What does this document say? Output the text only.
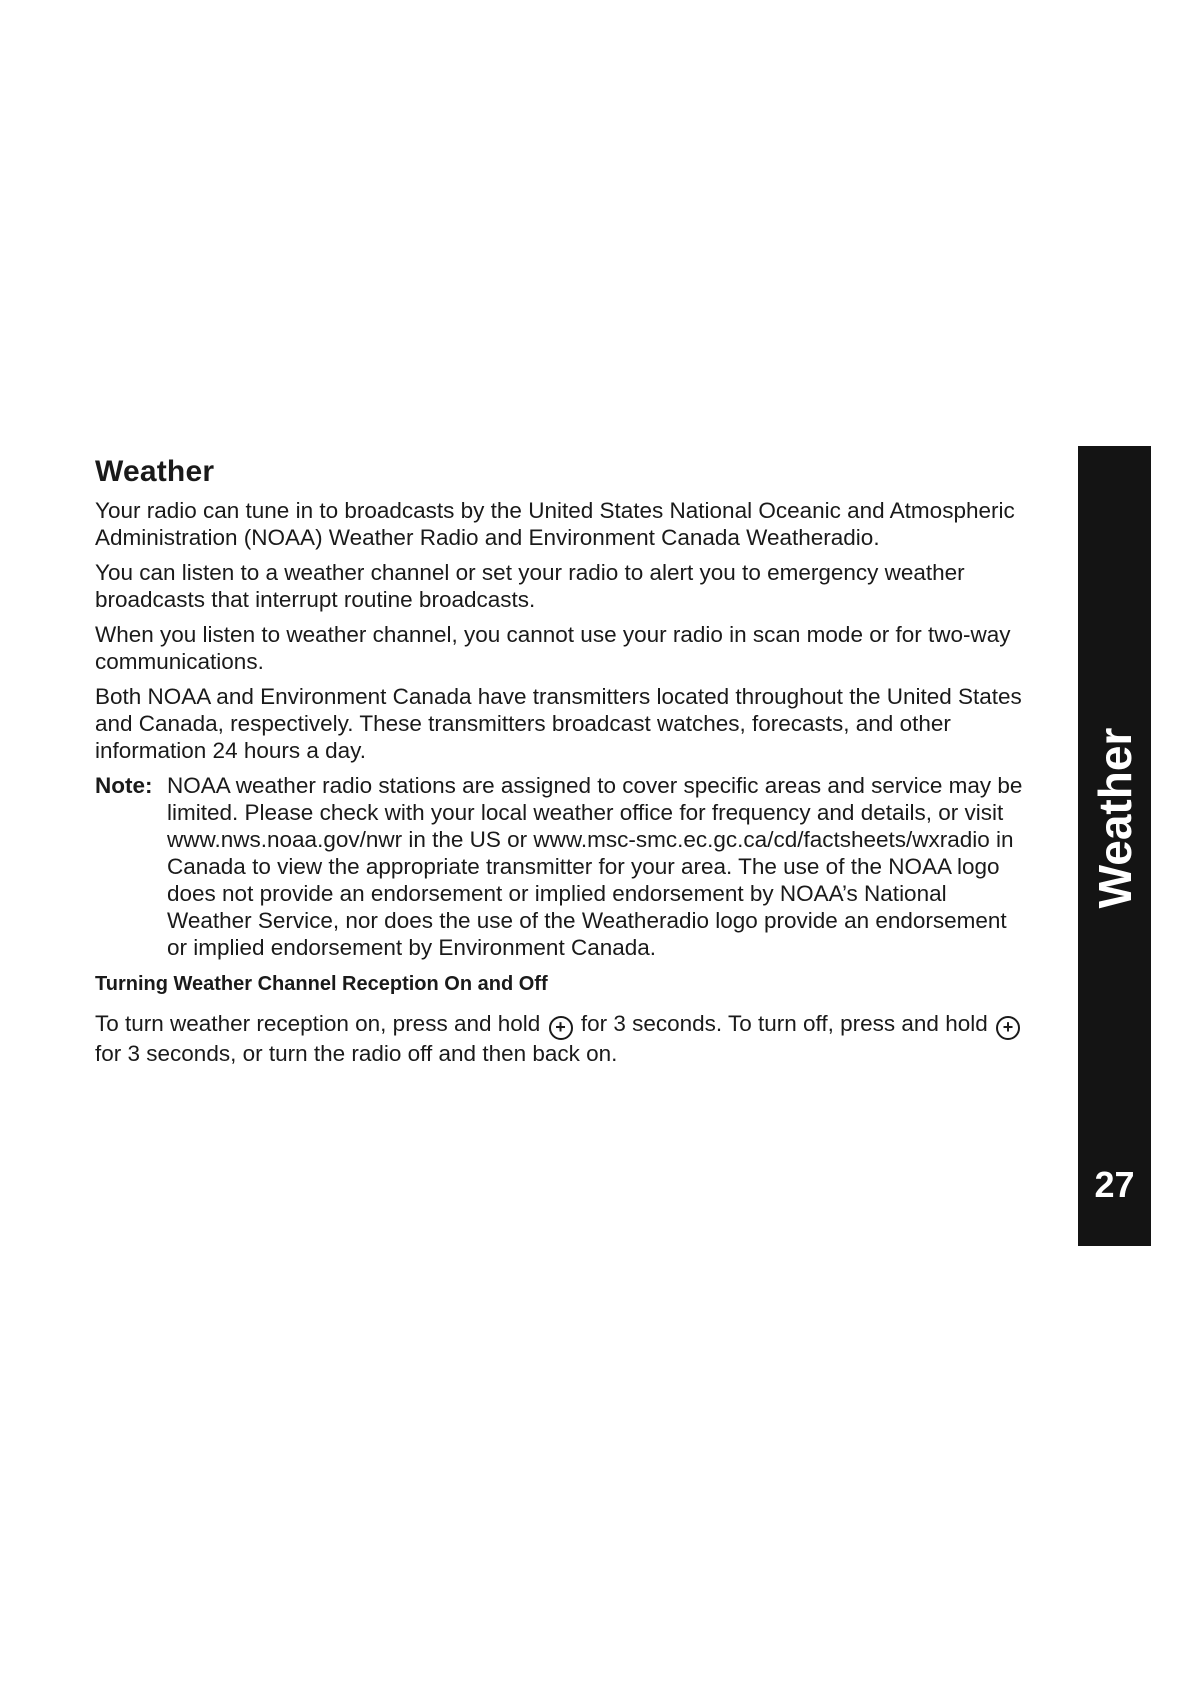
Weather

Your radio can tune in to broadcasts by the United States National Oceanic and Atmospheric Administration (NOAA) Weather Radio and Environment Canada Weatheradio.

You can listen to a weather channel or set your radio to alert you to emergency weather broadcasts that interrupt routine broadcasts.

When you listen to weather channel, you cannot use your radio in scan mode or for two-way communications.

Both NOAA and Environment Canada have transmitters located throughout the United States and Canada, respectively. These transmitters broadcast watches, forecasts, and other information 24 hours a day.

Note: NOAA weather radio stations are assigned to cover specific areas and service may be limited. Please check with your local weather office for frequency and details, or visit www.nws.noaa.gov/nwr in the US or www.msc-smc.ec.gc.ca/cd/factsheets/wxradio in Canada to view the appropriate transmitter for your area. The use of the NOAA logo does not provide an endorsement or implied endorsement by NOAA’s National Weather Service, nor does the use of the Weatheradio logo provide an endorsement or implied endorsement by Environment Canada.
Turning Weather Channel Reception On and Off

To turn weather reception on, press and hold + for 3 seconds. To turn off, press and hold + for 3 seconds, or turn the radio off and then back on.

Weather
27
